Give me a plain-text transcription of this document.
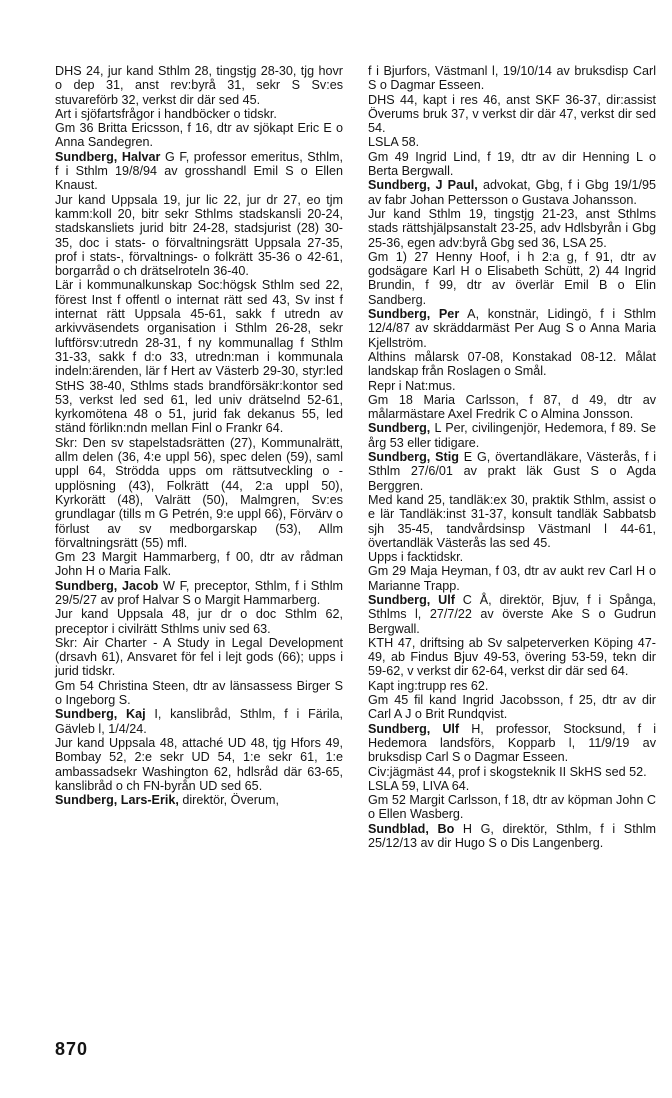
DHS 24, jur kand Sthlm 28, tingstjg 28-30, tjg hovr o dep 31, anst rev:byrå 31, sekr S Sv:es stuvareförb 32, verkst dir där sed 45.

Art i sjöfartsfrågor i handböcker o tidskr.

Gm 36 Britta Ericsson, f 16, dtr av sjökapt Eric E o Anna Sandegren.

Sundberg, Halvar G F, professor emeritus, Sthlm, f i Sthlm 19/8/94 av grosshandl Emil S o Ellen Knaust.

Jur kand Uppsala 19, jur lic 22, jur dr 27, eo tjm kamm:koll 20, bitr sekr Sthlms stadskansli 20-24, stadskansliets jurid bitr 24-28, stadsjurist (28) 30-35, doc i stats- o förvaltningsrätt Uppsala 27-35, prof i stats-, förvaltnings- o folkrätt 35-36 o 42-61, borgarråd o ch drätselroteln 36-40.

Lär i kommunalkunskap Soc:högsk Sthlm sed 22, förest Inst f offentl o internat rätt sed 43, Sv inst f internat rätt Uppsala 45-61, sakk f utredn av arkivväsendets organisation i Sthlm 26-28, sekr luftförsv:utredn 28-31, f ny kommunallag f Sthlm 31-33, sakk f d:o 33, utredn:man i kommunala indeln:ärenden, lär f Hert av Västerb 29-30, styr:led StHS 38-40, Sthlms stads brandförsäkr:kontor sed 53, verkst led sed 61, led univ drätselnd 52-61, kyrkomötena 48 o 51, jurid fak dekanus 55, led ständ förlikn:ndn mellan Finl o Frankr 64.

Skr: Den sv stapelstadsrätten (27), Kommunalrätt, allm delen (36, 4:e uppl 56), spec delen (59), saml uppl 64, Strödda upps om rättsutveckling o -upplösning (43), Folkrätt (44, 2:a uppl 50), Kyrkorätt (48), Valrätt (50), Malmgren, Sv:es grundlagar (tills m G Petrén, 9:e uppl 66), Förvärv o förlust av sv medborgarskap (53), Allm förvaltningsrätt (55) mfl.

Gm 23 Margit Hammarberg, f 00, dtr av rådman John H o Maria Falk.

Sundberg, Jacob W F, preceptor, Sthlm, f i Sthlm 29/5/27 av prof Halvar S o Margit Hammarberg.

Jur kand Uppsala 48, jur dr o doc Sthlm 62, preceptor i civilrätt Sthlms univ sed 63.

Skr: Air Charter - A Study in Legal Development (drsavh 61), Ansvaret för fel i lejt gods (66); upps i jurid tidskr.

Gm 54 Christina Steen, dtr av länsassess Birger S o Ingeborg S.

Sundberg, Kaj I, kanslibråd, Sthlm, f i Färila, Gävleb l, 1/4/24.

Jur kand Uppsala 48, attaché UD 48, tjg Hfors 49, Bombay 52, 2:e sekr UD 54, 1:e sekr 61, 1:e ambassadsekr Washington 62, hdlsråd där 63-65, kanslibråd o ch FN-byrån UD sed 65.

Sundberg, Lars-Erik, direktör, Överum,

f i Bjurfors, Västmanl l, 19/10/14 av bruksdisp Carl S o Dagmar Esseen.

DHS 44, kapt i res 46, anst SKF 36-37, dir:assist Överums bruk 37, v verkst dir där 47, verkst dir sed 54.

LSLA 58.

Gm 49 Ingrid Lind, f 19, dtr av dir Henning L o Berta Bergwall.

Sundberg, J Paul, advokat, Gbg, f i Gbg 19/1/95 av fabr Johan Pettersson o Gustava Johansson.

Jur kand Sthlm 19, tingstjg 21-23, anst Sthlms stads rättshjälpsanstalt 23-25, adv Hdlsbyrån i Gbg 25-36, egen adv:byrå Gbg sed 36, LSA 25.

Gm 1) 27 Henny Hoof, i h 2:a g, f 91, dtr av godsägare Karl H o Elisabeth Schütt, 2) 44 Ingrid Brundin, f 99, dtr av överlär Emil B o Elin Sandberg.

Sundberg, Per A, konstnär, Lidingö, f i Sthlm 12/4/87 av skräddarmäst Per Aug S o Anna Maria Kjellström.

Althins målarsk 07-08, Konstakad 08-12. Målat landskap från Roslagen o Smål.

Repr i Nat:mus.

Gm 18 Maria Carlsson, f 87, d 49, dtr av målarmästare Axel Fredrik C o Almina Jonsson.

Sundberg, L Per, civilingenjör, Hedemora, f 89. Se årg 53 eller tidigare.

Sundberg, Stig E G, övertandläkare, Västerås, f i Sthlm 27/6/01 av prakt läk Gust S o Agda Berggren.

Med kand 25, tandläk:ex 30, praktik Sthlm, assist o e lär Tandläk:inst 31-37, konsult tandläk Sabbatsb sjh 35-45, tandvårdsinsp Västmanl l 44-61, övertandläk Västerås las sed 45.

Upps i facktidskr.

Gm 29 Maja Heyman, f 03, dtr av aukt rev Carl H o Marianne Trapp.

Sundberg, Ulf C Å, direktör, Bjuv, f i Spånga, Sthlms l, 27/7/22 av överste Ake S o Gudrun Bergwall.

KTH 47, driftsing ab Sv salpeterverken Köping 47-49, ab Findus Bjuv 49-53, övering 53-59, tekn dir 59-62, v verkst dir 62-64, verkst dir där sed 64.

Kapt ing:trupp res 62.

Gm 45 fil kand Ingrid Jacobsson, f 25, dtr av dir Carl A J o Brit Rundqvist.

Sundberg, Ulf H, professor, Stocksund, f i Hedemora landsförs, Kopparb l, 11/9/19 av bruksdisp Carl S o Dagmar Esseen.

Civ:jägmäst 44, prof i skogsteknik II SkHS sed 52.

LSLA 59, LIVA 64.

Gm 52 Margit Carlsson, f 18, dtr av köpman John C o Ellen Wasberg.

Sundblad, Bo H G, direktör, Sthlm, f i Sthlm 25/12/13 av dir Hugo S o Dis Langenberg.

870
